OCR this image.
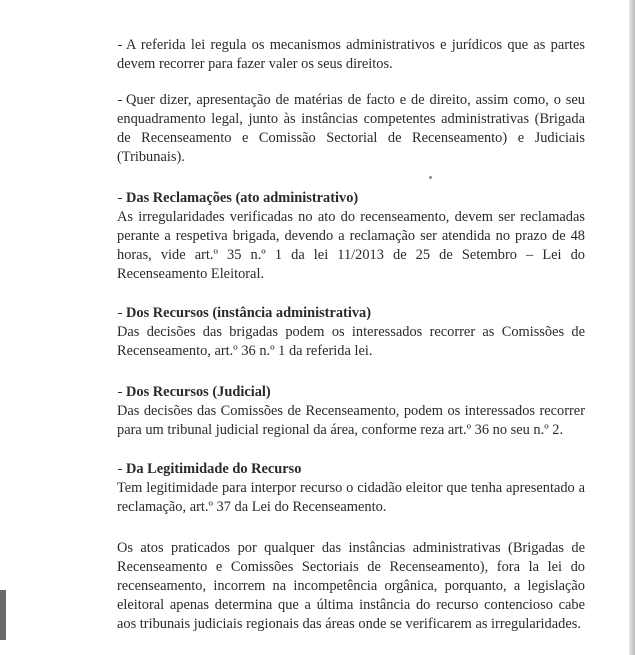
A referida lei regula os mecanismos administrativos e jurídicos que as partes devem recorrer para fazer valer os seus direitos.

Quer dizer, apresentação de matérias de facto e de direito, assim como, o seu enquadramento legal, junto às instâncias competentes administrativas (Brigada de Recenseamento e Comissão Sectorial de Recenseamento) e Judiciais (Tribunais).

Das Reclamações (ato administrativo)

As irregularidades verificadas no ato do recenseamento, devem ser reclamadas perante a respetiva brigada, devendo a reclamação ser atendida no prazo de 48 horas, vide art.º 35 n.º 1 da lei 11/2013 de 25 de Setembro – Lei do Recenseamento Eleitoral.

Dos Recursos (instância administrativa)

Das decisões das brigadas podem os interessados recorrer as Comissões de Recenseamento, art.º 36 n.º 1 da referida lei.

Dos Recursos (Judicial)

Das decisões das Comissões de Recenseamento, podem os interessados recorrer para um tribunal judicial regional da área, conforme reza art.º 36 no seu n.º 2.

Da Legitimidade do Recurso

Tem legitimidade para interpor recurso o cidadão eleitor que tenha apresentado a reclamação, art.º 37 da Lei do Recenseamento.

Os atos praticados por qualquer das instâncias administrativas (Brigadas de Recenseamento e Comissões Sectoriais de Recenseamento), fora la lei do recenseamento, incorrem na incompetência orgânica, porquanto, a legislação eleitoral apenas determina que a última instância do recurso contencioso cabe aos tribunais judiciais regionais das áreas onde se verificarem as irregularidades.
